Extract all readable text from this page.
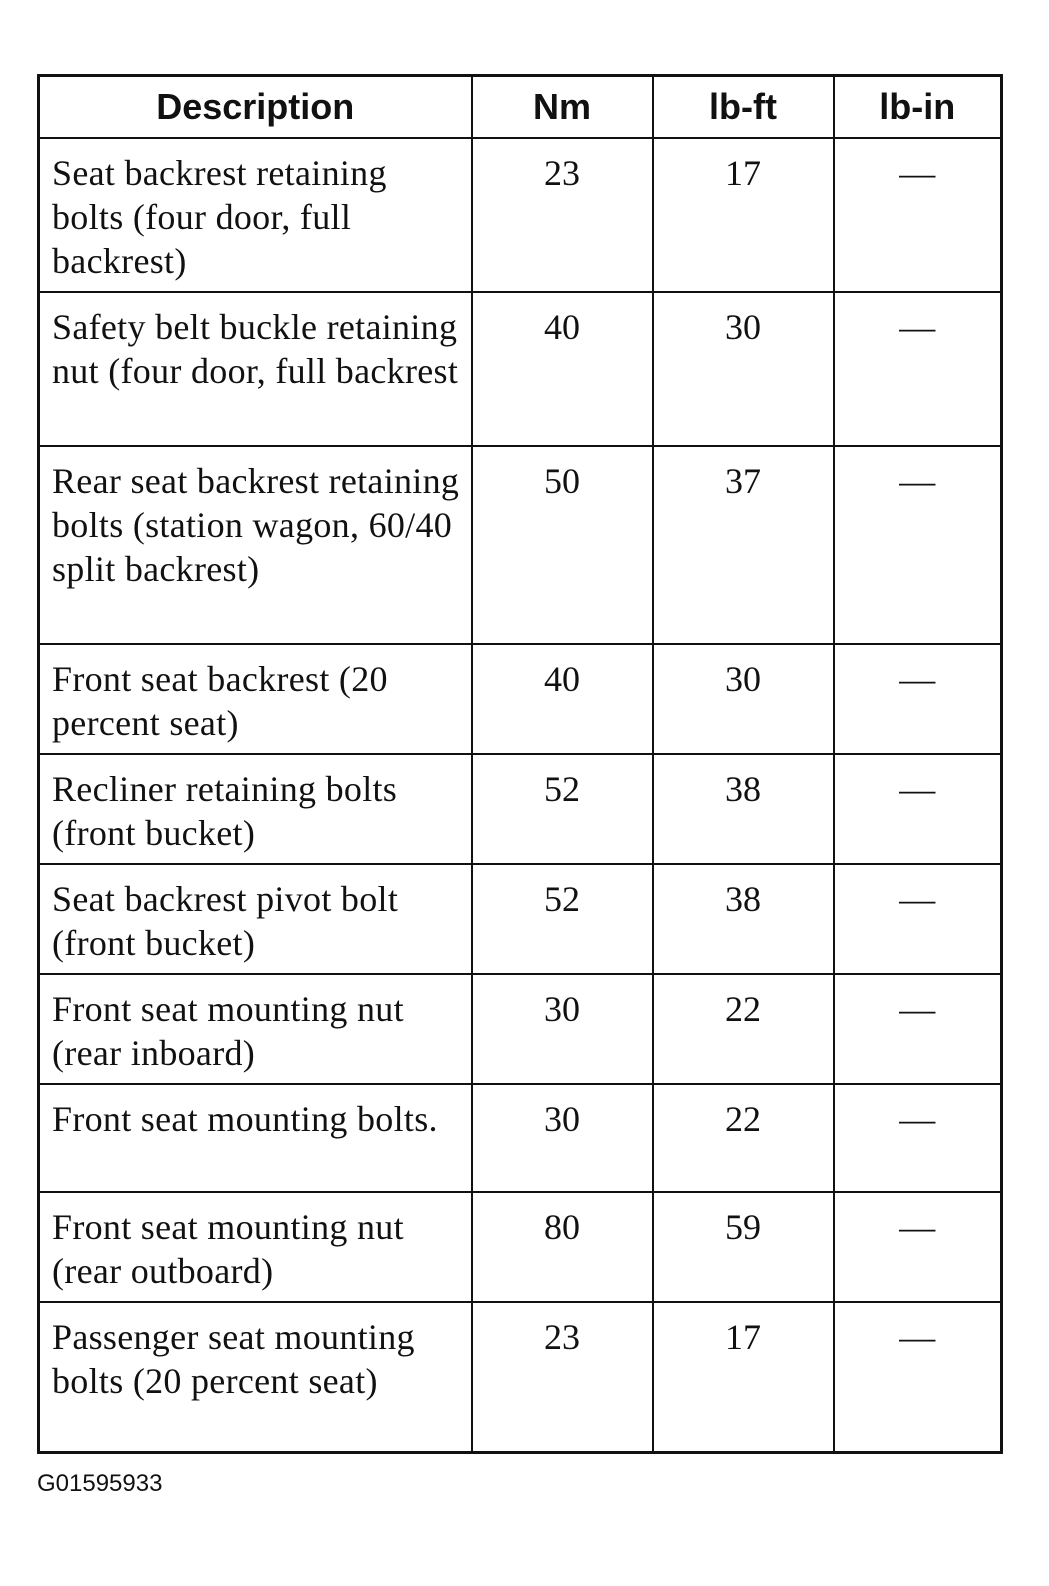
Description	Nm	lb-ft	lb-in
Seat backrest retaining bolts (four door, full backrest)	23	17	—
Safety belt buckle retaining nut (four door, full backrest	40	30	—
Rear seat backrest retaining bolts (station wagon, 60/40 split backrest)	50	37	—
Front seat backrest (20 percent seat)	40	30	—
Recliner retaining bolts (front bucket)	52	38	—
Seat backrest pivot bolt (front bucket)	52	38	—
Front seat mounting nut (rear inboard)	30	22	—
Front seat mounting bolts.	30	22	—
Front seat mounting nut (rear outboard)	80	59	—
Passenger seat mounting bolts (20 percent seat)	23	17	—
G01595933
